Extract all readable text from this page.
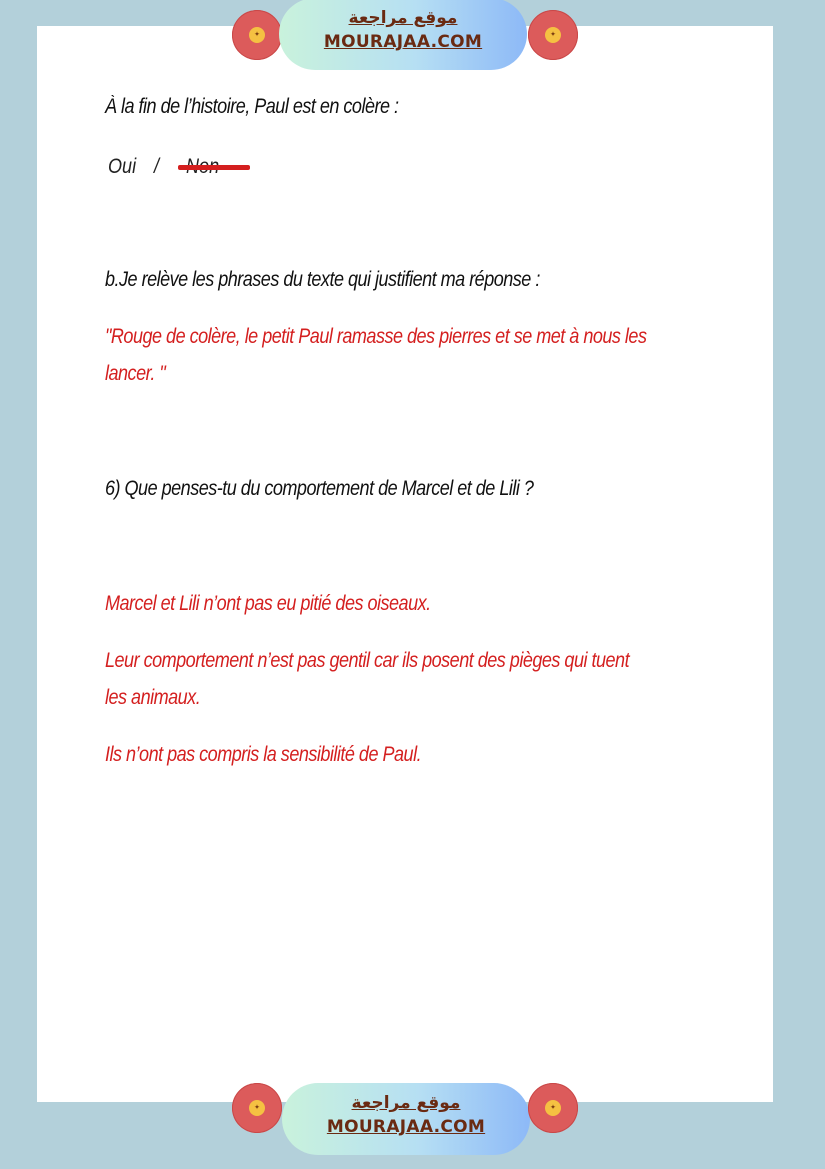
✦
موقع مراجعة
MOURAJAA.COM	✦
À la fin de l’histoire, Paul est en colère :
Oui /
b.Je relève les phrases du texte qui justifient ma réponse :
"Rouge de colère, le petit Paul ramasse des pierres et se met à nous les
lancer. "
6) Que penses-tu du comportement de Marcel et de Lili ?
Marcel et Lili n’ont pas eu pitié des oiseaux.
Leur comportement n’est pas gentil car ils posent des pièges qui tuent
les animaux.
Ils n’ont pas compris la sensibilité de Paul.
✦	موقع مراجعة
MOURAJAA.COM
✦
